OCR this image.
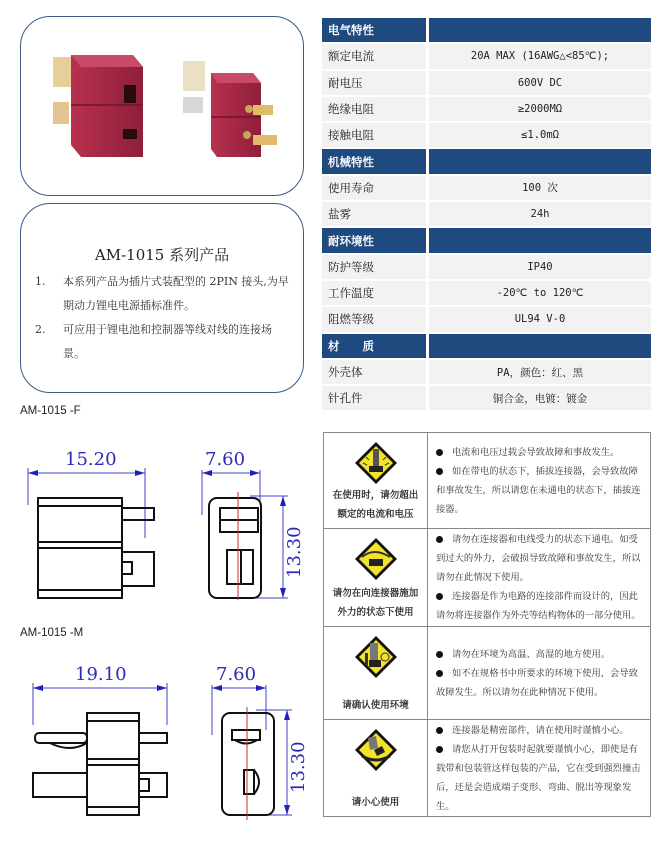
AM-1015 系列产品
1.	本系列产品为插片式装配型的 2PIN 接头,为早期动力锂电电源插标准件。
2.	可应用于锂电池和控制器等线对线的连接场景。
AM-1015 -F
AM-1015 -M
15.20	7.60
13.30
19.10	7.60
13.30
电气特性
额定电流	20A MAX (16AWG△<85℃);
耐电压	600V DC
绝缘电阻	≥2000MΩ
接触电阻	≤1.0mΩ
机械特性
使用寿命	100 次
盐雾	24h
耐环境性
防护等级	IP40
工作温度	-20℃ to 120℃
阻燃等级	UL94 V-0
材　　质
外壳体	PA，颜色：红、黑
针孔件	铜合金，电镀：镀金
在使用时，请勿超出
额定的电流和电压
电流和电压过载会导致故障和事故发生。
如在带电的状态下，插拔连接器，会导致故障和事故发生，所以请您在未通电的状态下，插拔连接器。
请勿在向连接器施加
外力的状态下使用
请勿在连接器和电线受力的状态下通电。如受到过大的外力，会破损导致故障和事故发生，所以请勿在此情况下使用。
连接器是作为电路的连接部件而设计的，因此请勿将连接器作为外壳等结构物体的一部分使用。
请确认使用环境
请勿在环境为高温、高湿的地方使用。
如不在规格书中所要求的环境下使用，会导致故障发生。所以请勿在此种情况下使用。
请小心使用
连接器是精密部件，请在使用时谨慎小心。
请您从打开包装时起就要谨慎小心，即使是有载带和包装管这样包装的产品，它在受到强烈撞击后，还是会造成端子变形、弯曲、脱出等现象发生。
